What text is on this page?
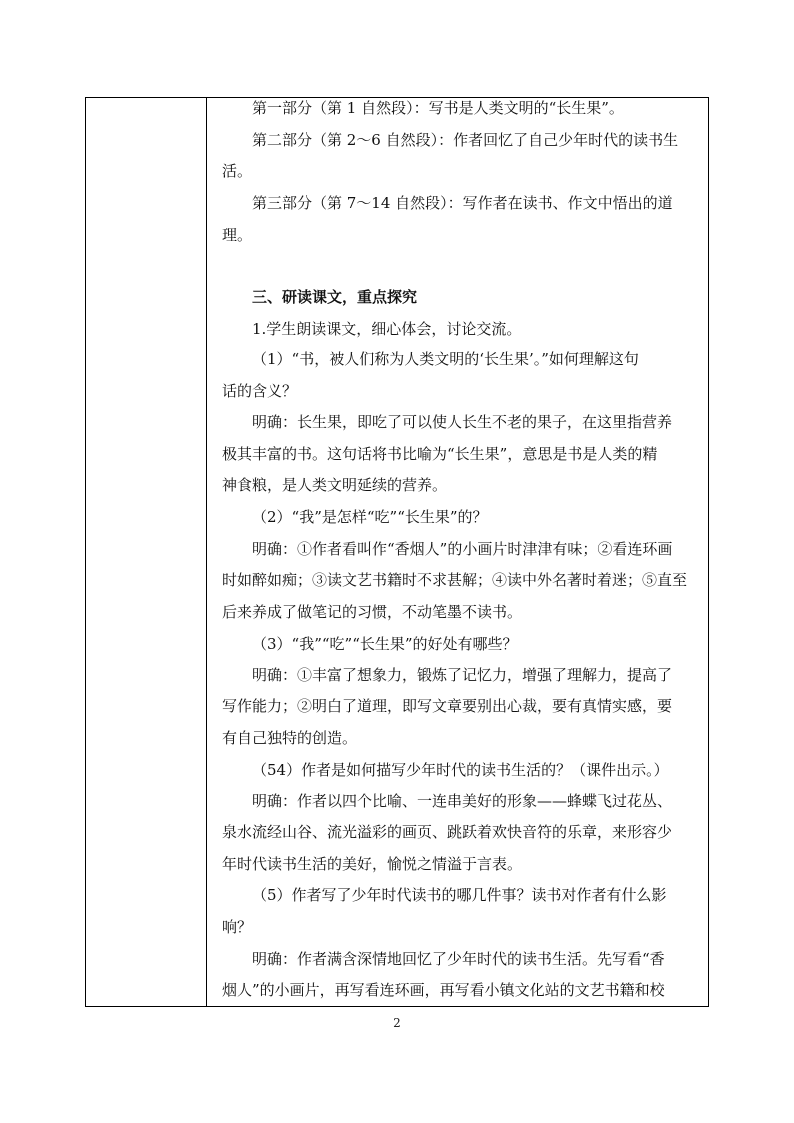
第一部分（第 1 自然段）：写书是人类文明的“长生果”。
第二部分（第 2～6 自然段）：作者回忆了自己少年时代的读书生
活。
第三部分（第 7～14 自然段）：写作者在读书、作文中悟出的道
理。
三、研读课文，重点探究
1.学生朗读课文，细心体会，讨论交流。
（1）“书，被人们称为人类文明的‘长生果’。”如何理解这句
话的含义？
明确：长生果，即吃了可以使人长生不老的果子，在这里指营养
极其丰富的书。这句话将书比喻为“长生果”，意思是书是人类的精
神食粮，是人类文明延续的营养。
（2）“我”是怎样“吃”“长生果”的？
明确：①作者看叫作“香烟人”的小画片时津津有味；②看连环画
时如醉如痴；③读文艺书籍时不求甚解；④读中外名著时着迷；⑤直至
后来养成了做笔记的习惯，不动笔墨不读书。
（3）“我”“吃”“长生果”的好处有哪些？
明确：①丰富了想象力，锻炼了记忆力，增强了理解力，提高了
写作能力；②明白了道理，即写文章要别出心裁，要有真情实感，要
有自己独特的创造。
（54）作者是如何描写少年时代的读书生活的？（课件出示。）
明确：作者以四个比喻、一连串美好的形象——蜂蝶飞过花丛、
泉水流经山谷、流光溢彩的画页、跳跃着欢快音符的乐章，来形容少
年时代读书生活的美好，愉悦之情溢于言表。
（5）作者写了少年时代读书的哪几件事？读书对作者有什么影
响？
明确：作者满含深情地回忆了少年时代的读书生活。先写看“香
烟人”的小画片，再写看连环画，再写看小镇文化站的文艺书籍和校
2
